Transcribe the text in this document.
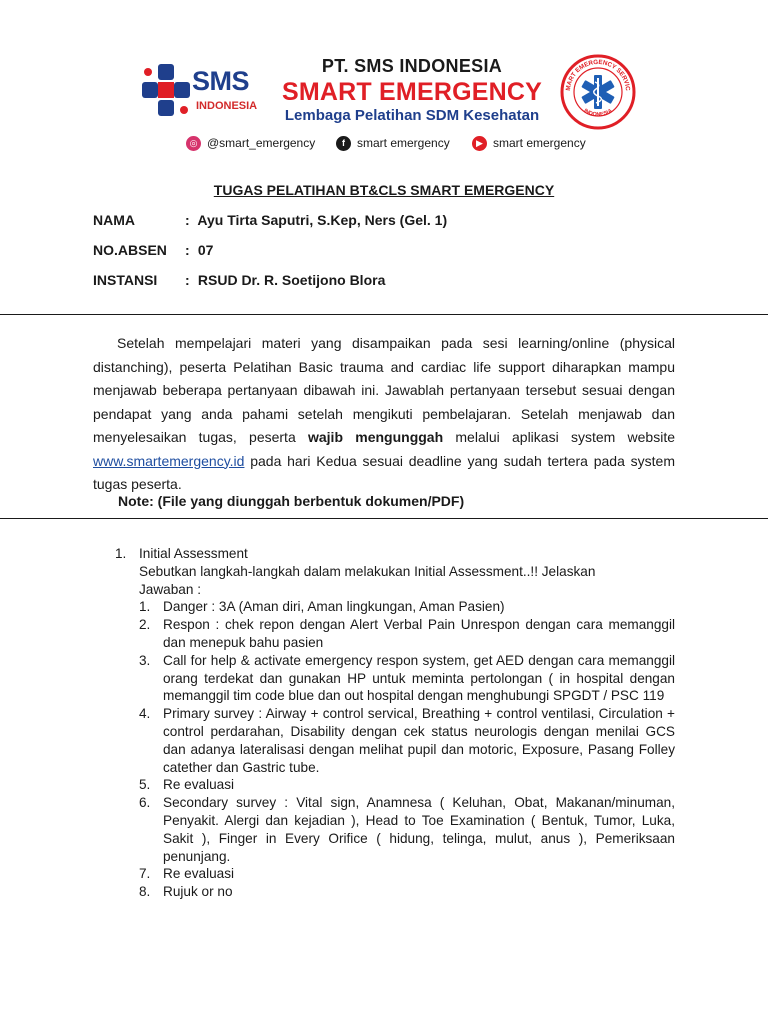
SMS
INDONESIA
PT. SMS INDONESIA
SMART EMERGENCY
Lembaga Pelatihan SDM Kesehatan
MART EMERGENCY SERVIC
INDONESIA
◎ @smart_emergency	f	smart emergency	▶ smart emergency
TUGAS PELATIHAN BT&CLS SMART EMERGENCY
NAMA	: Ayu Tirta Saputri, S.Kep, Ners (Gel. 1)
NO.ABSEN : 07
INSTANSI : RSUD Dr. R. Soetijono Blora

Setelah mempelajari materi yang disampaikan pada sesi learning/online (physical distanching), peserta Pelatihan Basic trauma and cardiac life support diharapkan mampu menjawab beberapa pertanyaan dibawah ini. Jawablah pertanyaan tersebut sesuai dengan pendapat yang anda pahami setelah mengikuti pembelajaran. Setelah menjawab dan menyelesaikan tugas, peserta wajib mengunggah melalui aplikasi system website www.smartemergency.id pada hari Kedua sesuai deadline yang sudah tertera pada system tugas peserta.

Note: (File yang diunggah berbentuk dokumen/PDF)
1. Initial Assessment
Sebutkan langkah-langkah dalam melakukan Initial Assessment..!! Jelaskan
Jawaban :
1. Danger : 3A (Aman diri, Aman lingkungan, Aman Pasien)
2. Respon : chek repon dengan Alert Verbal Pain Unrespon dengan cara memanggil dan menepuk bahu pasien
3. Call for help & activate emergency respon system, get AED dengan cara memanggil orang terdekat dan gunakan HP untuk meminta pertolongan ( in hospital dengan memanggil tim code blue dan out hospital dengan menghubungi SPGDT / PSC 119
4. Primary survey : Airway + control servical, Breathing + control ventilasi, Circulation + control perdarahan, Disability dengan cek status neurologis dengan menilai GCS dan adanya lateralisasi dengan melihat pupil dan motoric, Exposure, Pasang Folley catether dan Gastric tube.
5. Re evaluasi
6. Secondary survey : Vital sign, Anamnesa ( Keluhan, Obat, Makanan/minuman, Penyakit. Alergi dan kejadian ), Head to Toe Examination ( Bentuk, Tumor, Luka, Sakit ), Finger in Every Orifice ( hidung, telinga, mulut, anus ), Pemeriksaan penunjang.
7. Re evaluasi
8. Rujuk or no
